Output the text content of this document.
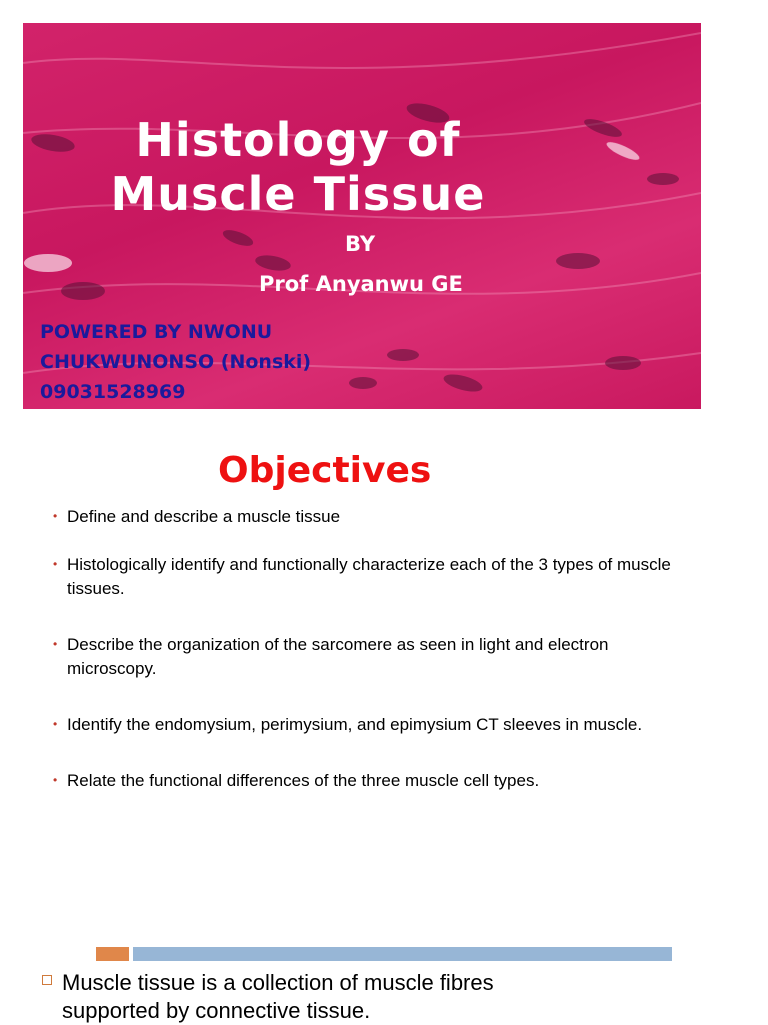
Histology of
Muscle Tissue
BY
Prof Anyanwu GE
POWERED BY NWONU
CHUKWUNONSO (Nonski)
09031528969
Objectives
• Define and describe a muscle tissue
• Histologically identify and functionally characterize each of the 3 types of muscle tissues.
• Describe the organization of the sarcomere as seen in light and electron microscopy.
• Identify the endomysium, perimysium, and epimysium CT sleeves in muscle.
• Relate the functional differences of the three muscle cell types.
Muscle tissue is a collection of muscle fibres
supported by connective tissue.
